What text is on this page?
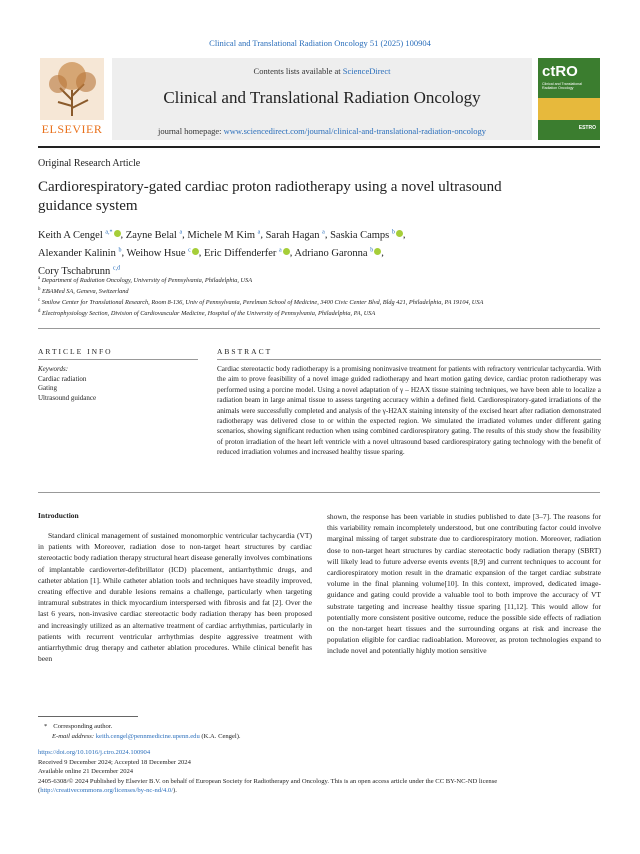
Clinical and Translational Radiation Oncology 51 (2025) 100904
ELSEVIER
Contents lists available at ScienceDirect
Clinical and Translational Radiation Oncology
journal homepage: www.sciencedirect.com/journal/clinical-and-translational-radiation-oncology
ctRO
Clinical and Translational Radiation Oncology
ESTRO
Original Research Article
Cardiorespiratory-gated cardiac proton radiotherapy using a novel ultrasound guidance system
Keith A Cengel $^{a,*}$ , Zayne Belal $^a$, Michele M Kim $^a$, Sarah Hagan $^a$, Saskia Camps $^b$ ,
Alexander Kalinin $^b$, Weihow Hsue $^c$ , Eric Diffenderfer $^a$ , Adriano Garonna $^b$ ,
Cory Tschabrunn $^{c,d}$
$^a$ Department of Radiation Oncology, University of Pennsylvania, Philadelphia, USA
$^b$ EBAMed SA, Geneva, Switzerland
$^c$ Smilow Center for Translational Research, Room 8-136, Univ of Pennsylvania, Perelman School of Medicine, 3400 Civic Center Blvd, Bldg 421, Philadelphia, PA 19104, USA
$^d$ Electrophysiology Section, Division of Cardiovascular Medicine, Hospital of the University of Pennsylvania, Philadelphia, PA, USA
ARTICLE INFO
Keywords:
Cardiac radiation
Gating
Ultrasound guidance
ABSTRACT
Cardiac stereotactic body radiotherapy is a promising noninvasive treatment for patients with refractory ventricular tachycardia. With the aim to prove feasibility of a novel image guided radiotherapy and heart motion gating device, cardiac proton radiotherapy was performed using a porcine model. Using a novel adaptation of γ – H2AX tissue staining techniques, we have been able to localize a radiation beam in large animal tissue to assess targeting accuracy within a defined field. Cardiorespiratory-gated irradiations of the animals were successfully completed and analysis of the γ-H2AX staining intensity of the excised heart after radiation demonstrated radiotherapy was delivered close to or within the expected region. We simulated the irradiated volumes under different gating scenarios, showing significant reduction when using combined cardiorespiratory gating. The results of this study show the feasibility of proton irradiation of the heart left ventricle with a novel ultrasound based cardiorespiratory gating technology with the benefit of reduced irradiation volumes and increased healthy tissue sparing.
Introduction

Standard clinical management of sustained monomorphic ventricular tachycardia (VT) in patients with Moreover, radiation dose to non-target heart structures by cardiac stereotactic body radiation therapy structural heart disease generally involves combinations of implantable cardioverter-defibrillator (ICD) placement, antiarrhythmic drugs, and catheter ablation [1]. While catheter ablation tools and techniques have steadily improved, creating effective and durable lesions remains a challenge, particularly when targeting intramural substrates in thick myocardium interspersed with fibrosis and fat [2]. Over the last 6 years, non-invasive cardiac stereotactic body radiation therapy has been proposed and increasingly utilized as an alternative treatment of cardiac arrhythmias, particularly in patients with recurrent ventricular arrhythmias despite aggressive treatment with antiarrhythmic drug therapy and catheter ablation procedures. While clinical benefit has been

shown, the response has been variable in studies published to date [3–7]. The reasons for this variability remain incompletely understood, but one contributing factor could involve marginal missing of target substrate due to cardiorespiratory motion. Moreover, radiation dose to non-target heart structures by cardiac stereotactic body radiation therapy (SBRT) will likely lead to future adverse events events [8,9] and current techniques to account for cardiorespiratory motion result in the dramatic expansion of the target cardiac substrate volume in the final planning volume[10]. In this context, improved, dedicated image-guidance and gating could provide a valuable tool to both improve the accuracy of VT substrate targeting and increase healthy tissue sparing [11,12]. This would allow for potentially more consistent positive outcome, reduce the possible side effects of radiation on the non-target heart tissues and the surrounding organs at risk and increase the population eligible for cardiac radioablation. Moreover, as proton technologies expand to include novel and potentially highly motion sensitive

* Corresponding author.
E-mail address: keith.cengel@pennmedicine.upenn.edu (K.A. Cengel).
https://doi.org/10.1016/j.ctro.2024.100904
Received 9 December 2024; Accepted 18 December 2024
Available online 21 December 2024
2405-6308/© 2024 Published by Elsevier B.V. on behalf of European Society for Radiotherapy and Oncology. This is an open access article under the CC BY-NC-ND license (http://creativecommons.org/licenses/by-nc-nd/4.0/).
